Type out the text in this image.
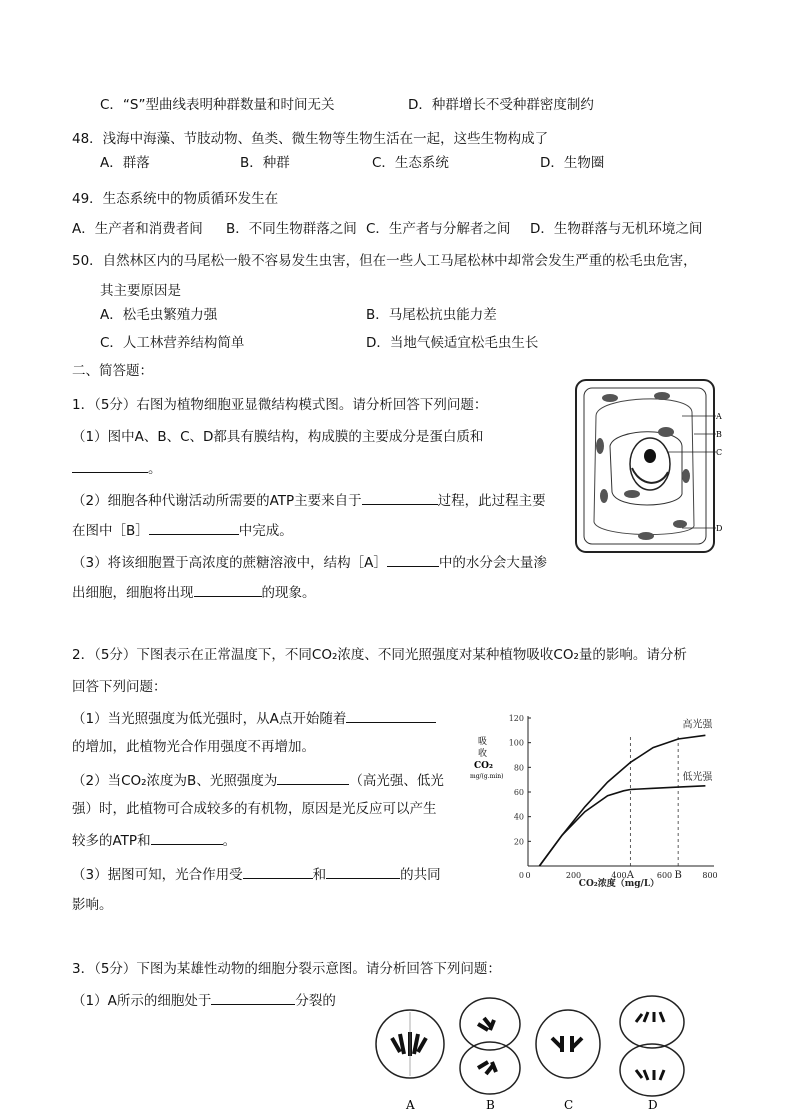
C．“S”型曲线表明种群数量和时间无关	D．种群增长不受种群密度制约
48．浅海中海藻、节肢动物、鱼类、微生物等生物生活在一起，这些生物构成了
A．群落	B．种群	C．生态系统	D．生物圈
49．生态系统中的物质循环发生在
A．生产者和消费者间 B．不同生物群落之间 C．生产者与分解者之间 D．生物群落与无机环境之间
50．自然林区内的马尾松一般不容易发生虫害，但在一些人工马尾松林中却常会发生严重的松毛虫危害，
其主要原因是
A．松毛虫繁殖力强	B．马尾松抗虫能力差
C．人工林营养结构简单	D．当地气候适宜松毛虫生长
二、简答题：
1．（5分）右图为植物细胞亚显微结构模式图。请分析回答下列问题：
（1）图中A、B、C、D都具有膜结构，构成膜的主要成分是蛋白质和
。
（2）细胞各种代谢活动所需要的ATP主要来自于	过程，此过程主要
在图中［B］	中完成。
（3）将该细胞置于高浓度的蔗糖溶液中，结构［A］	中的水分会大量渗
出细胞，细胞将出现	的现象。
A
B
C
D
2．（5分）下图表示在正常温度下，不同CO₂浓度、不同光照强度对某种植物吸收CO₂量的影响。请分析
回答下列问题：
（1）当光照强度为低光强时，从A点开始随着
的增加，此植物光合作用强度不再增加。
（2）当CO₂浓度为B、光照强度为	（高光强、低光
强）时，此植物可合成较多的有机物，原因是光反应可以产生
较多的ATP和	。
（3）据图可知，光合作用受	和	的共同
影响。
20
40
60
80
100
120
0	200	400 A	600 B	800
CO₂浓度（mg/L）
0
高光强
低光强
吸
收
CO₂
mg/(g.min)
3．（5分）下图为某雄性动物的细胞分裂示意图。请分析回答下列问题：
（1）A所示的细胞处于	分裂的
A	B	C	D
